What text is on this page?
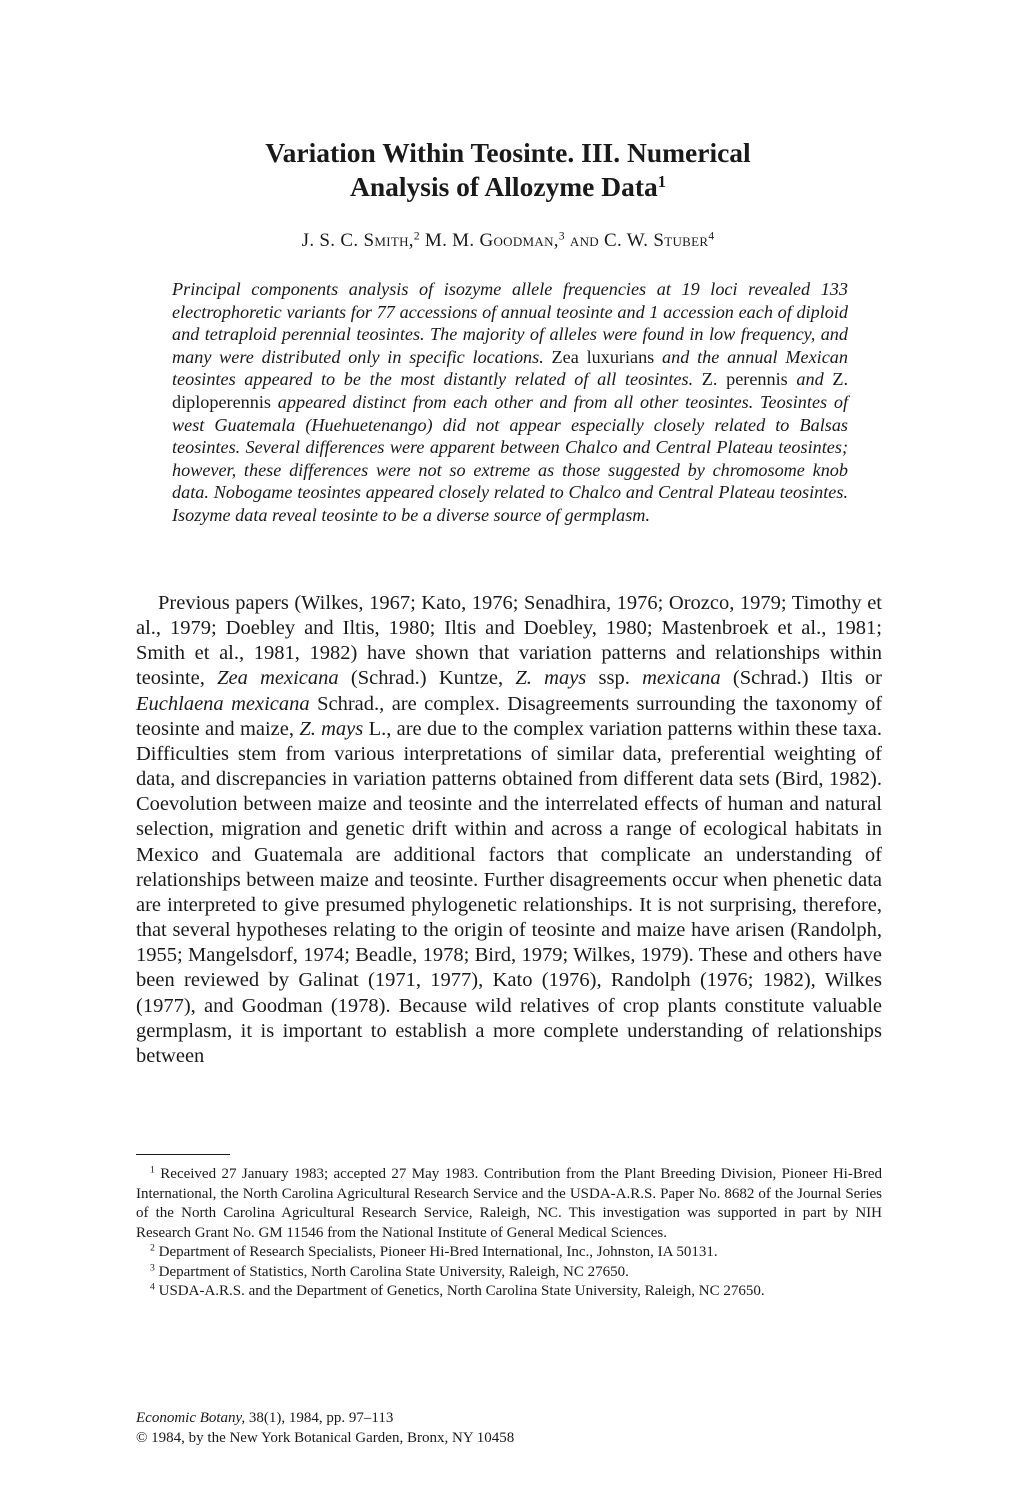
Variation Within Teosinte. III. Numerical
Analysis of Allozyme Data$^1$
J. S. C. Smith,$^2$ M. M. Goodman,$^3$ and C. W. Stuber$^4$

Principal components analysis of isozyme allele frequencies at 19 loci revealed 133 electrophoretic variants for 77 accessions of annual teosinte and 1 accession each of diploid and tetraploid perennial teosintes. The majority of alleles were found in low frequency, and many were distributed only in specific locations. Zea luxurians and the annual Mexican teosintes appeared to be the most distantly related of all teosintes. Z. perennis and Z. diploperennis appeared distinct from each other and from all other teosintes. Teosintes of west Guatemala (Huehuetenango) did not appear especially closely related to Balsas teosintes. Several differences were apparent between Chalco and Central Plateau teosintes; however, these differences were not so extreme as those suggested by chromosome knob data. Nobogame teosintes appeared closely related to Chalco and Central Plateau teosintes. Isozyme data reveal teosinte to be a diverse source of germplasm.

Previous papers (Wilkes, 1967; Kato, 1976; Senadhira, 1976; Orozco, 1979; Timothy et al., 1979; Doebley and Iltis, 1980; Iltis and Doebley, 1980; Mastenbroek et al., 1981; Smith et al., 1981, 1982) have shown that variation patterns and relationships within teosinte, Zea mexicana (Schrad.) Kuntze, Z. mays ssp. mexicana (Schrad.) Iltis or Euchlaena mexicana Schrad., are complex. Disagreements surrounding the taxonomy of teosinte and maize, Z. mays L., are due to the complex variation patterns within these taxa. Difficulties stem from various interpretations of similar data, preferential weighting of data, and discrepancies in variation patterns obtained from different data sets (Bird, 1982). Coevolution between maize and teosinte and the interrelated effects of human and natural selection, migration and genetic drift within and across a range of ecological habitats in Mexico and Guatemala are additional factors that complicate an understanding of relationships between maize and teosinte. Further disagreements occur when phenetic data are interpreted to give presumed phylogenetic relationships. It is not surprising, therefore, that several hypotheses relating to the origin of teosinte and maize have arisen (Randolph, 1955; Mangelsdorf, 1974; Beadle, 1978; Bird, 1979; Wilkes, 1979). These and others have been reviewed by Galinat (1971, 1977), Kato (1976), Randolph (1976; 1982), Wilkes (1977), and Goodman (1978). Because wild relatives of crop plants constitute valuable germplasm, it is important to establish a more complete understanding of relationships between

$^1$ Received 27 January 1983; accepted 27 May 1983. Contribution from the Plant Breeding Division, Pioneer Hi-Bred International, the North Carolina Agricultural Research Service and the USDA-A.R.S. Paper No. 8682 of the Journal Series of the North Carolina Agricultural Research Service, Raleigh, NC. This investigation was supported in part by NIH Research Grant No. GM 11546 from the National Institute of General Medical Sciences.

$^2$ Department of Research Specialists, Pioneer Hi-Bred International, Inc., Johnston, IA 50131.

$^3$ Department of Statistics, North Carolina State University, Raleigh, NC 27650.

$^4$ USDA-A.R.S. and the Department of Genetics, North Carolina State University, Raleigh, NC 27650.

Economic Botany, 38(1), 1984, pp. 97–113
© 1984, by the New York Botanical Garden, Bronx, NY 10458
